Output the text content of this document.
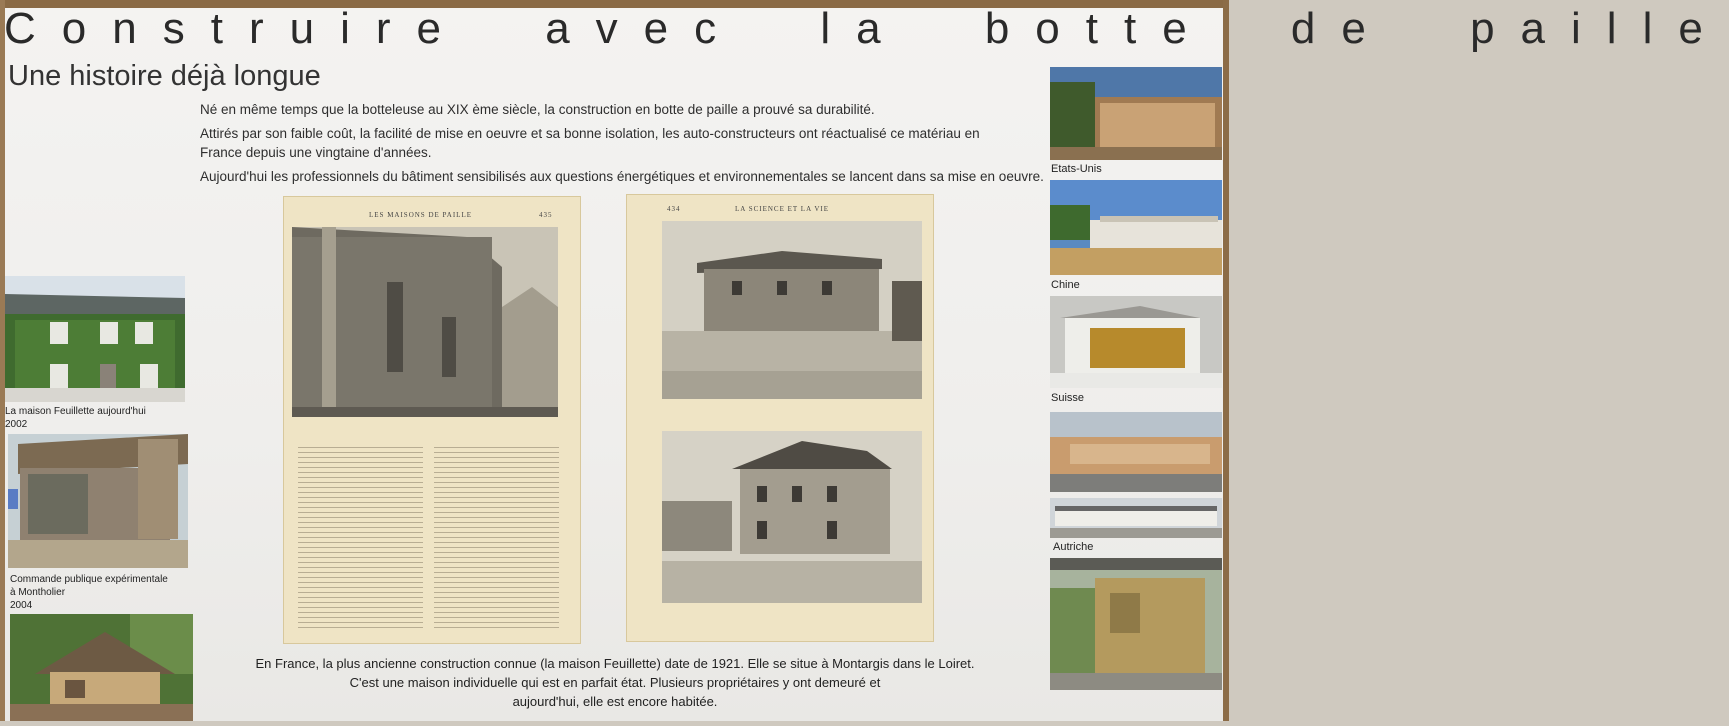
Construire avec la botte de paille
Une histoire déjà longue
Né en même temps que la botteleuse au XIX ème siècle, la construction en botte de paille a prouvé sa durabilité.
Attirés par son faible coût, la facilité de mise en oeuvre et sa bonne isolation, les auto-constructeurs ont réactualisé ce matériau en France depuis une vingtaine d'années.
Aujourd'hui les professionnels du bâtiment sensibilisés aux questions énergétiques et environnementales se lancent dans sa mise en oeuvre.
La maison Feuillette aujourd'hui
2002
Commande publique expérimentale
à Montholier
2004
LES MAISONS DE PAILLE	435
434	LA SCIENCE ET LA VIE
Etats-Unis
Chine
Suisse
Autriche
En France, la plus ancienne construction connue (la maison Feuillette) date de 1921. Elle se situe à Montargis dans le Loiret.
C'est une maison individuelle qui est en parfait état. Plusieurs propriétaires y ont demeuré et
aujourd'hui, elle est encore habitée.
